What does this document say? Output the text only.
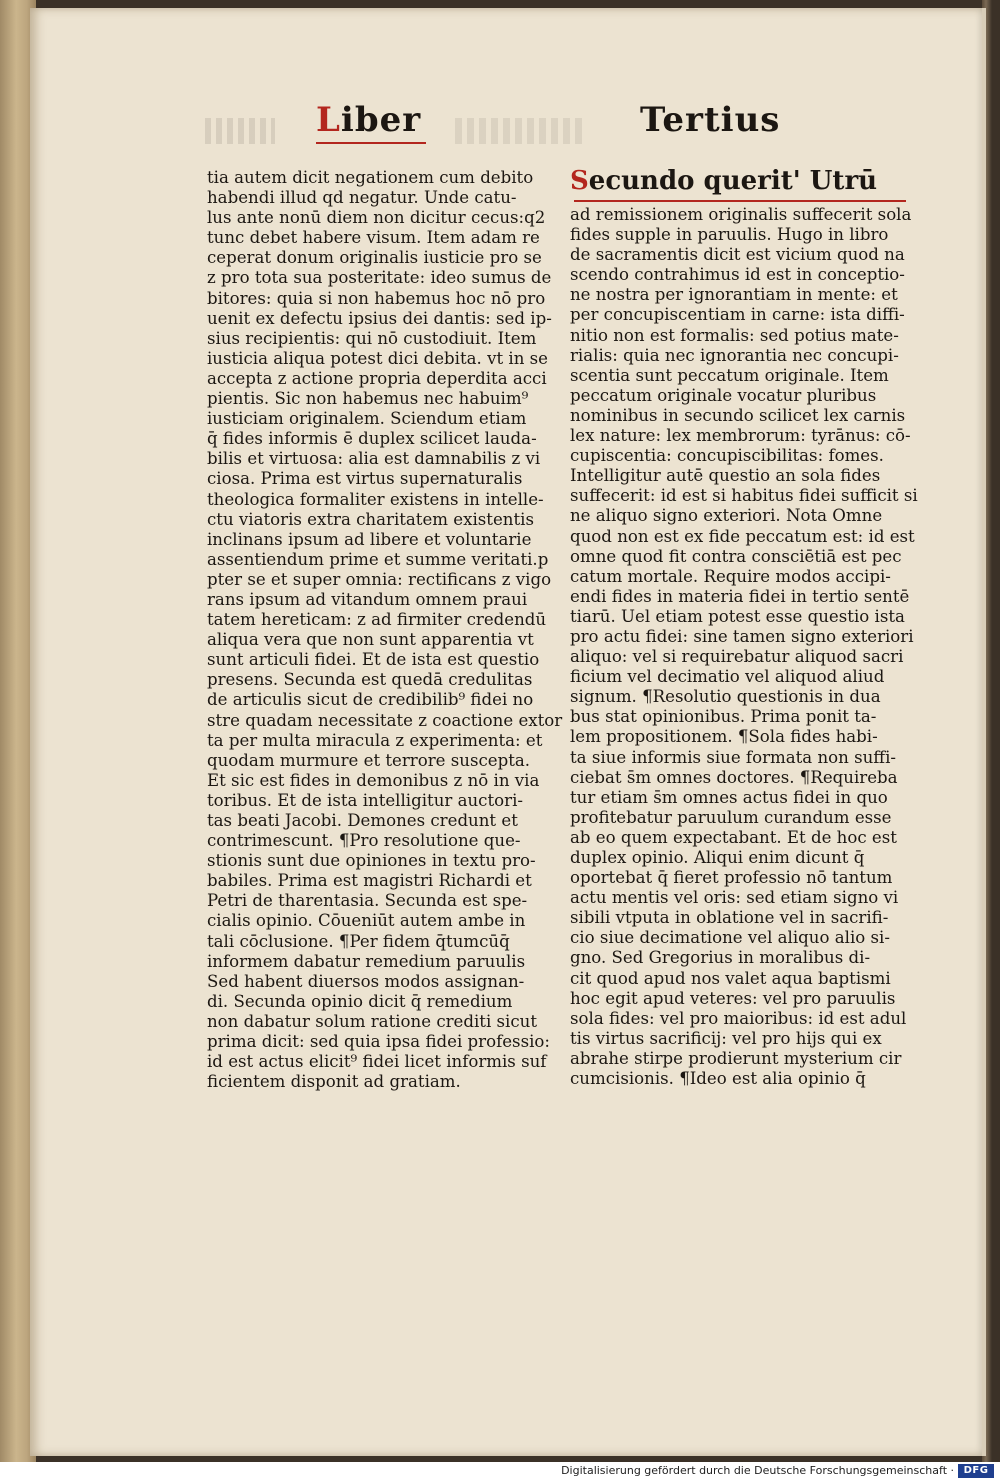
Liber	Tertius
tia autem dicit negationem cum debito
habendi illud qd negatur. Unde catu-
lus ante nonū diem non dicitur cecus:q2
tunc debet habere visum. Item adam re
ceperat donum originalis iusticie pro se
z pro tota sua posteritate: ideo sumus de
bitores: quia si non habemus hoc nō pro
uenit ex defectu ipsius dei dantis: sed ip-
sius recipientis: qui nō custodiuit. Item
iusticia aliqua potest dici debita. vt in se
accepta z actione propria deperdita acci
pientis. Sic non habemus nec habuim⁹
iusticiam originalem. Sciendum etiam
q̄ fides informis ē duplex scilicet lauda-
bilis et virtuosa: alia est damnabilis z vi
ciosa. Prima est virtus supernaturalis
theologica formaliter existens in intelle-
ctu viatoris extra charitatem existentis
inclinans ipsum ad libere et voluntarie
assentiendum prime et summe veritati.p
pter se et super omnia: rectificans z vigo
rans ipsum ad vitandum omnem praui
tatem hereticam: z ad firmiter credendū
aliqua vera que non sunt apparentia vt
sunt articuli fidei. Et de ista est questio
presens. Secunda est quedā credulitas
de articulis sicut de credibilib⁹ fidei no
stre quadam necessitate z coactione extor
ta per multa miracula z experimenta: et
quodam murmure et terrore suscepta.
Et sic est fides in demonibus z nō in via
toribus. Et de ista intelligitur auctori-
tas beati Jacobi. Demones credunt et
contrimescunt. ¶Pro resolutione que-
stionis sunt due opiniones in textu pro-
babiles. Prima est magistri Richardi et
Petri de tharentasia. Secunda est spe-
cialis opinio. Cōueniūt autem ambe in
tali cōclusione. ¶Per fidem q̄tumcūq̄
informem dabatur remedium paruulis
Sed habent diuersos modos assignan-
di. Secunda opinio dicit q̄ remedium
non dabatur solum ratione crediti sicut
prima dicit: sed quia ipsa fidei professio:
id est actus elicit⁹ fidei licet informis suf
ficientem disponit ad gratiam.
Secundo querit' Utrū
ad remissionem originalis suffecerit sola
fides supple in paruulis. Hugo in libro
de sacramentis dicit est vicium quod na
scendo contrahimus id est in conceptio-
ne nostra per ignorantiam in mente: et
per concupiscentiam in carne: ista diffi-
nitio non est formalis: sed potius mate-
rialis: quia nec ignorantia nec concupi-
scentia sunt peccatum originale. Item
peccatum originale vocatur pluribus
nominibus in secundo scilicet lex carnis
lex nature: lex membrorum: tyrānus: cō-
cupiscentia: concupiscibilitas: fomes.
Intelligitur autē questio an sola fides
suffecerit: id est si habitus fidei sufficit si
ne aliquo signo exteriori. Nota Omne
quod non est ex fide peccatum est: id est
omne quod fit contra consciētiā est pec
catum mortale. Require modos accipi-
endi fides in materia fidei in tertio sentē
tiarū. Uel etiam potest esse questio ista
pro actu fidei: sine tamen signo exteriori
aliquo: vel si requirebatur aliquod sacri
ficium vel decimatio vel aliquod aliud
signum. ¶Resolutio questionis in dua
bus stat opinionibus. Prima ponit ta-
lem propositionem. ¶Sola fides habi-
ta siue informis siue formata non suffi-
ciebat s̄m omnes doctores. ¶Requireba
tur etiam s̄m omnes actus fidei in quo
profitebatur paruulum curandum esse
ab eo quem expectabant. Et de hoc est
duplex opinio. Aliqui enim dicunt q̄
oportebat q̄ fieret professio nō tantum
actu mentis vel oris: sed etiam signo vi
sibili vtputa in oblatione vel in sacrifi-
cio siue decimatione vel aliquo alio si-
gno. Sed Gregorius in moralibus di-
cit quod apud nos valet aqua baptismi
hoc egit apud veteres: vel pro paruulis
sola fides: vel pro maioribus: id est adul
tis virtus sacrificij: vel pro hijs qui ex
abrahe stirpe prodierunt mysterium cir
cumcisionis. ¶Ideo est alia opinio q̄
Digitalisierung gefördert durch die Deutsche Forschungsgemeinschaft · DFG
